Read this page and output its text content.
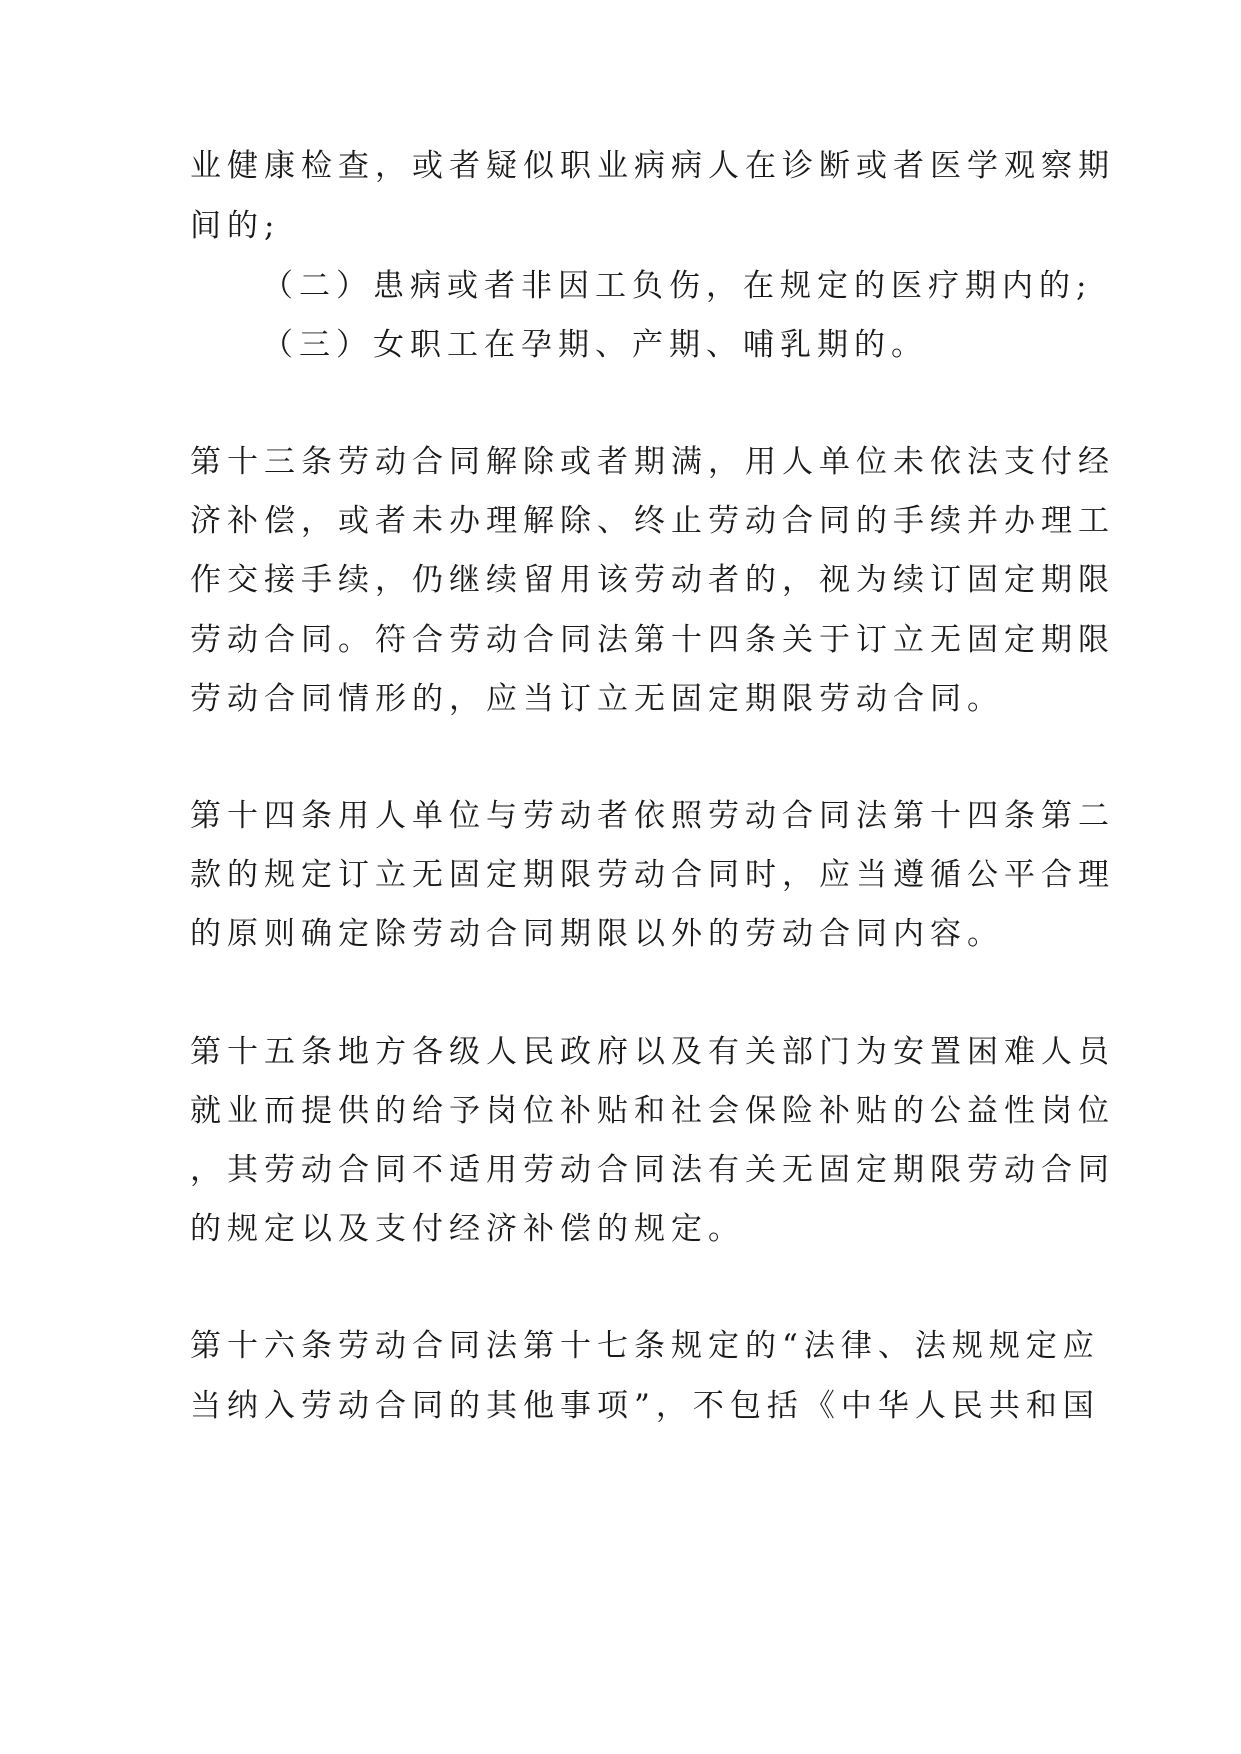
业健康检查，或者疑似职业病病人在诊断或者医学观察期

间的;

（二）患病或者非因工负伤，在规定的医疗期内的;

（三）女职工在孕期、产期、哺乳期的。

第十三条劳动合同解除或者期满，用人单位未依法支付经

济补偿，或者未办理解除、终止劳动合同的手续并办理工

作交接手续，仍继续留用该劳动者的，视为续订固定期限

劳动合同。符合劳动合同法第十四条关于订立无固定期限

劳动合同情形的，应当订立无固定期限劳动合同。

第十四条用人单位与劳动者依照劳动合同法第十四条第二

款的规定订立无固定期限劳动合同时，应当遵循公平合理

的原则确定除劳动合同期限以外的劳动合同内容。

第十五条地方各级人民政府以及有关部门为安置困难人员

就业而提供的给予岗位补贴和社会保险补贴的公益性岗位

，其劳动合同不适用劳动合同法有关无固定期限劳动合同

的规定以及支付经济补偿的规定。

第十六条劳动合同法第十七条规定的“法律、法规规定应

当纳入劳动合同的其他事项”，不包括《中华人民共和国
